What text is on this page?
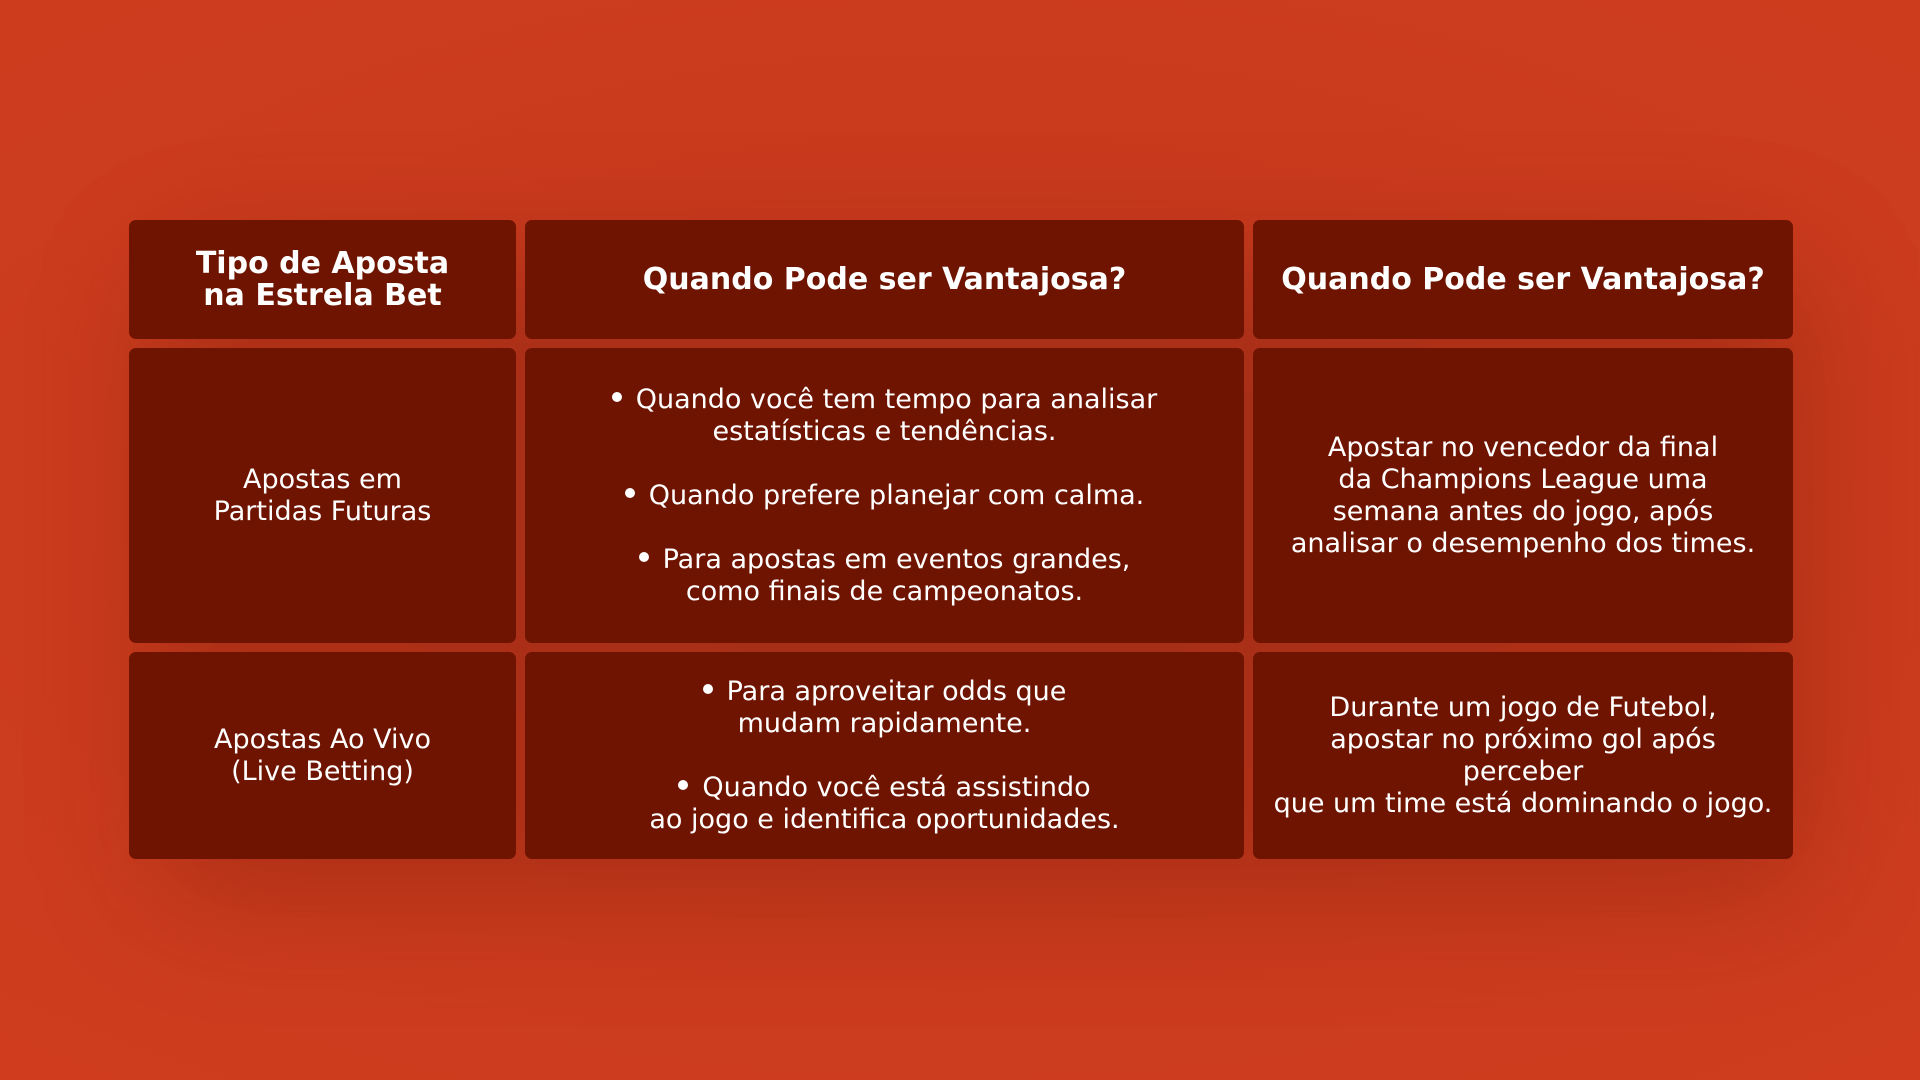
Tipo de Aposta
na Estrela Bet	Quando Pode ser Vantajosa?	Quando Pode ser Vantajosa?
Apostas em
Partidas Futuras
Quando você tem tempo para analisar
estatísticas e tendências.
Quando prefere planejar com calma.
Para apostas em eventos grandes,
como finais de campeonatos.
Apostar no vencedor da final
da Champions League uma
semana antes do jogo, após
analisar o desempenho dos times.
Apostas Ao Vivo
(Live Betting)
Para aproveitar odds que
mudam rapidamente.
Quando você está assistindo
ao jogo e identifica oportunidades.
Durante um jogo de Futebol,
apostar no próximo gol após perceber
que um time está dominando o jogo.
